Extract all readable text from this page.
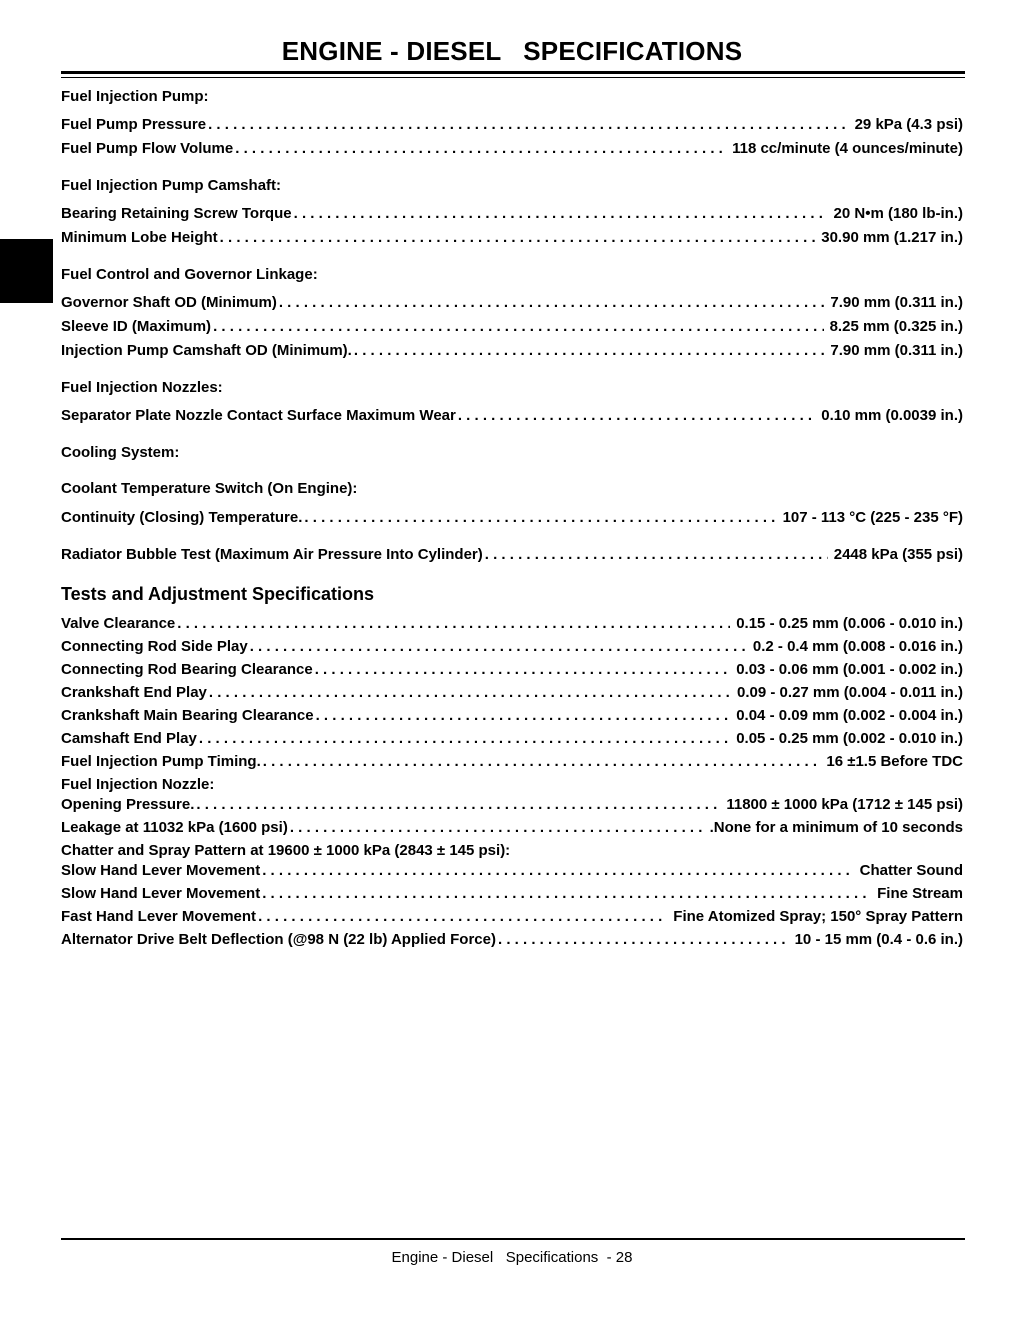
ENGINE - DIESEL   SPECIFICATIONS
Fuel Injection Pump:
Fuel Pump Pressure . . .	29 kPa (4.3 psi)
Fuel Pump Flow Volume . . .	118 cc/minute (4 ounces/minute)
Fuel Injection Pump Camshaft:
Bearing Retaining Screw Torque . . .	20 N•m (180 lb-in.)
Minimum Lobe Height . . .	30.90 mm (1.217 in.)
Fuel Control and Governor Linkage:
Governor Shaft OD (Minimum) . . .	7.90 mm (0.311 in.)
Sleeve ID (Maximum) . . .	8.25 mm (0.325 in.)
Injection Pump Camshaft OD (Minimum). . . .	7.90 mm (0.311 in.)
Fuel Injection Nozzles:
Separator Plate Nozzle Contact Surface Maximum Wear . . .	0.10 mm (0.0039 in.)
Cooling System:
Coolant Temperature Switch (On Engine):
Continuity (Closing) Temperature. . . .	107 - 113 °C (225 - 235 °F)
Radiator Bubble Test (Maximum Air Pressure Into Cylinder) . . .	2448 kPa (355 psi)
Tests and Adjustment Specifications
Valve Clearance . . .	0.15 - 0.25 mm (0.006 - 0.010 in.)
Connecting Rod Side Play . . .	0.2 - 0.4 mm (0.008 - 0.016 in.)
Connecting Rod Bearing Clearance . . .	0.03 - 0.06 mm (0.001 - 0.002 in.)
Crankshaft End Play . . .	0.09 - 0.27 mm (0.004 - 0.011 in.)
Crankshaft Main Bearing Clearance . . .	0.04 - 0.09 mm (0.002 - 0.004 in.)
Camshaft End Play . . .	0.05 - 0.25 mm (0.002 - 0.010 in.)
Fuel Injection Pump Timing. . . .	16 ±1.5 Before TDC
Fuel Injection Nozzle:
Opening Pressure. . . .	11800 ± 1000 kPa (1712 ± 145 psi)
Leakage at 11032 kPa (1600 psi) . . .	.None for a minimum of 10 seconds
Chatter and Spray Pattern at 19600 ± 1000 kPa (2843 ± 145 psi):
Slow Hand Lever Movement . . .	Chatter Sound
Slow Hand Lever Movement . . .	Fine Stream
Fast Hand Lever Movement . . .	Fine Atomized Spray; 150° Spray Pattern
Alternator Drive Belt Deflection (@98 N (22 lb) Applied Force) . . .	10 - 15 mm (0.4 - 0.6 in.)
Engine - Diesel   Specifications  - 28
